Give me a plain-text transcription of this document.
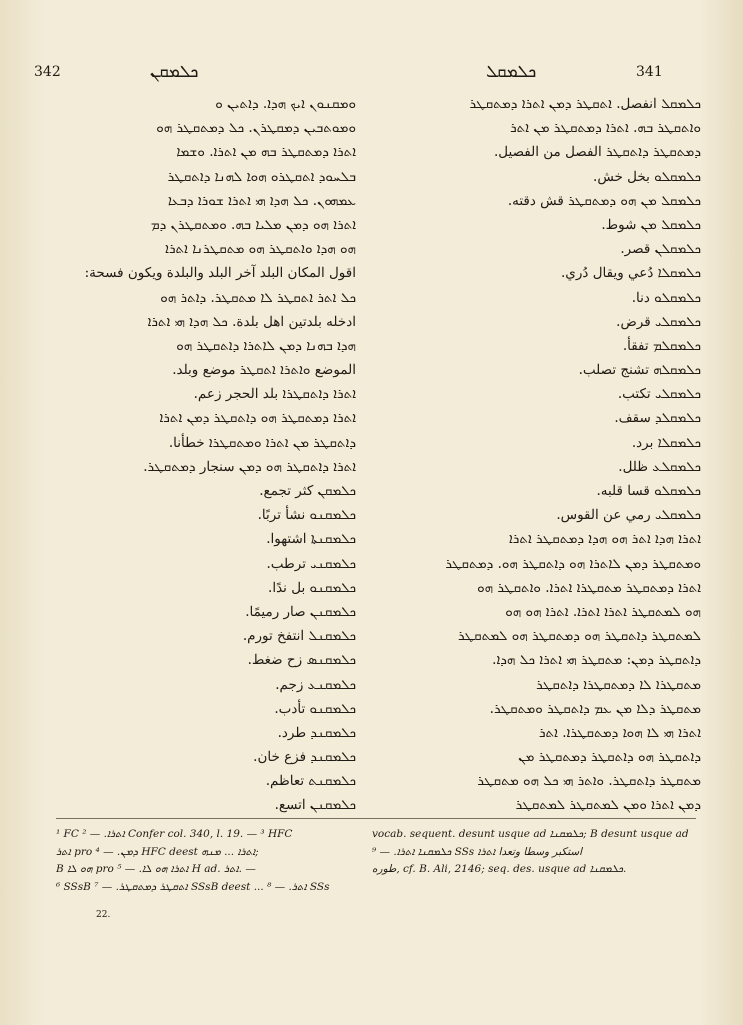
342	ܟܠܡܩܢ	ܟܠܡܩܠ	341
ܘܡܩܢܘܢ ܐܝܟ ܗܕܐ. ܕܐܬܝܢ ܘ
ܘܡܘܬܒܝܢ ܕܡܩܛܪܢ. ܟܠ ܕܡܬܩܛܪ ܗܘ
ܐܬܪܐ ܕܡܬܩܛܪ ܒܗ ܡܢ ܐܬܪܐ. ܘܫܡܐ
ܒܠܚܘܕ ܐܬܩܛܪܘ ܗܘܐ ܠܗܢܐ ܕܐܬܩܛܪ
ܥܡܗܘܢ. ܟܠ ܗܕܐ ܗܝ ܐܬܪܐ ܫܘܪܐ ܕܒܥܐ
ܐܬܪܐ ܗܘ ܕܡܢ ܡܠܝܐ ܒܗ. ܘܡܬܩܛܪܢ ܕܡ
ܗܘ ܗܕܐ ܘܐܬܩܛܪ ܗܘ ܡܬܩܛܪܢܐ ܐܬܪܐ
اقول المكان البلد آخر البلد والبلدة ويكون فسحة:
ܟܠ ܐܬܪ ܐܬܩܛܪ ܠܐ ܡܬܩܛܪ. ܕܐܬܪ ܗܘ
ادخله بلدتين اهل بلدة. ܟܠ ܗܕܐ ܗܝ ܐܬܪܐ
ܗܕܐ ܒܗܢܐ ܕܡܢ ܠܐܬܪܐ ܕܐܬܩܛܪ ܗܘ
الموضع ܘܐܬܪܐ ܐܬܩܛܪ موضع وبلد.
ܐܬܪܐ ܕܐܬܩܛܪܐ بلد الحجر زعم.
ܐܬܪܐ ܕܡܬܩܛܪ ܗܘ ܕܐܬܩܛܪ ܕܡܢ ܐܬܪܐ
ܕܐܬܩܛܪ ܡܢ ܐܬܪܐ ܘܡܬܩܛܪܐ خطأنا.
ܐܬܪܐ ܕܐܬܩܛܪ ܗܘ ܕܡܢ سنجار ܕܡܬܩܛܪ.
ܟܠܡܩܢ كثر تجمع.
ܟܠܡܩܢܘ نشأ تربًا.
ܟܠܡܩܢܬܐ اشتهوا.
ܟܠܡܩܢܝ ترطب.
ܟܠܡܩܢܘ بل ندًا.
ܟܠܡܩܢܢ صار رميمًا.
ܟܠܡܩܢܠ انتفخ تورم.
ܟܠܡܩܢܣ زح ضغط.
ܟܠܡܩܢܥ زجم.
ܟܠܡܩܢܘ تأدب.
ܟܠܡܩܢܕ طرد.
ܟܠܡܩܢܕ فزع خان.
ܟܠܡܩܢܬ تعاظم.
ܟܠܡܩܢܢ اتسع.
ܟܠܡܩܠ انفصل. ܐܬܩܛܪ ܕܡܢ ܐܬܪܐ ܕܡܬܩܛܪ
ܘܐܬܩܛܪ ܒܗ. ܐܬܪܐ ܕܡܬܩܛܪ ܡܢ ܐܬܪ
ܕܡܬܩܛܪ ܕܐܬܩܛܪ الفصل من الفصيل.
ܟܠܡܩܠܘ بخل خش.
ܟܠܡܩܠ ܡܢ ܗܘ ܕܡܬܩܛܪ قش دقته.
ܟܠܡܩܠ ܡܢ شوط.
ܟܠܡܩܠܢ قصر.
ܟܠܡܩܠܐ دُعي ويقال دُري.
ܟܠܡܩܠܘ دنا.
ܟܠܡܩܠܝ قرض.
ܟܠܡܩܠܡ تفقأ.
ܟܠܡܩܠܗ تشنج تصلب.
ܟܠܡܩܠܝ تكتب.
ܟܠܡܩܠܕ سقف.
ܟܠܡܩܠܐ برد.
ܟܠܡܩܠܥ ظلل.
ܟܠܡܩܠܘ قسا قلبه.
ܟܠܡܩܠܝ رمي عن القوس.
ܐܬܪܐ ܗܕܐ ܐܬܪ ܗܘ ܗܕܐ ܕܡܬܩܛܪ ܐܬܪܐ
ܘܡܬܩܛܪ ܕܡܢ ܠܐܬܪܐ ܗܘ ܕܐܬܩܛܪ ܗܘ. ܕܡܬܩܛܪ
ܐܬܪܐ ܕܡܬܩܛܪ ܡܬܩܛܪܐ ܐܬܪܐ. ܘܐܬܩܛܪ ܗܘ
ܗܘ ܠܡܬܩܛܪ ܐܬܪܐ ܐܬܪܐ. ܐܬܪܐ ܗܘ ܗܘ
ܠܡܬܩܛܪ ܕܐܬܩܛܪ ܗܘ ܕܡܬܩܛܪ ܗܘ ܠܡܬܩܛܪ
ܕܐܬܩܛܪ ܕܡܢ: ܡܬܩܛܪ ܗܝ ܐܬܪܐ ܟܠ ܗܕܐ.
ܡܬܩܛܪܐ ܠܐ ܕܡܬܩܛܪܐ ܕܐܬܩܛܪ
ܡܬܩܛܪ ܕܠܐ ܡܢ ܥܡ ܕܐܬܩܛܪ ܘܡܬܩܛܪ.
ܐܬܪܐ ܗܝ ܠܐ ܗܘܐ ܕܡܬܩܛܪܐ. ܐܬܪ
ܕܐܬܩܛܪ ܗܘ ܕܐܬܩܛܪ ܕܡܬܩܛܪ ܡܢ
ܡܬܩܛܪ ܕܐܬܩܛܪ. ܘܐܬܪ ܗܝ ܟܠ ܗܘ ܡܬܩܛܪ
ܕܡܢ ܐܬܪܐ ܘܡܢ ܠܡܬܩܛܪ ܠܡܬܩܛܪ
¹ FC ܐܬܪܐ. — ² Confer col. 340, l. 19. — ³ HFC
ܐܬܪ pro ܕܡܢ. — ⁴ HFC deest ܐܬܪܐ ... ܡܢܗ;
B ܗܘ ܠܐ pro ܐܬܪܐ ܗܘ ܠܐ. — ⁵ H ad. ܐܬܪ. —
⁶ SSsB ܐܬܩܛܪ ܕܡܬܩܛܪ. — ⁷ SSsB deest ... ܐܬܪ. — ⁸ SSs
vocab. sequent. desunt usque ad ܟܠܡܩܢܐ; B desunt usque ad
ܟܠܡܩܢܐ ܐܬܪܐ. — ⁹ SSs استكبر وسطا وتعدا ܐܬܪܐ
طوره, cf. B. Ali, 2146; seq. des. usque ad ܟܠܡܩܢܐ.
22.
